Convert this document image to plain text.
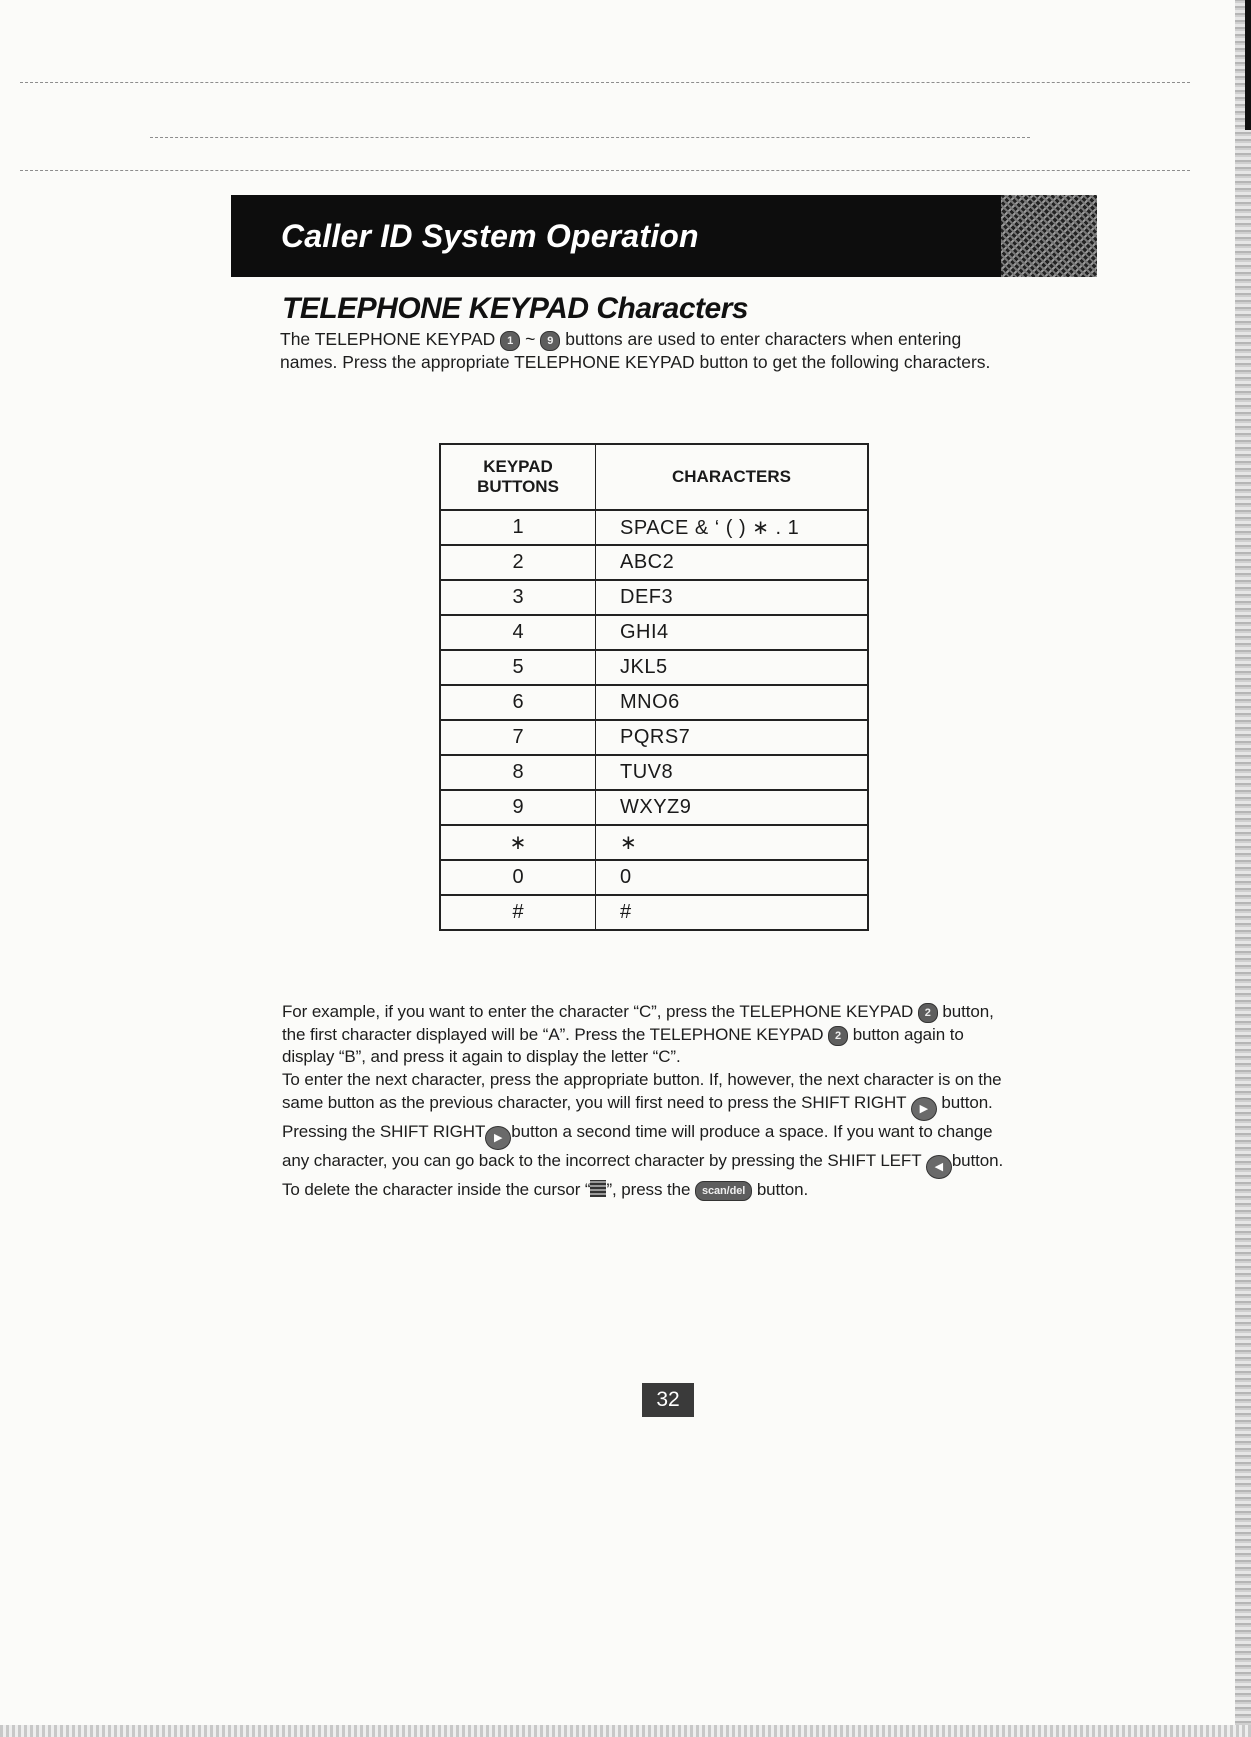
Caller ID System Operation
TELEPHONE KEYPAD Characters
The TELEPHONE KEYPAD 1 ~ 9 buttons are used to enter characters when entering names. Press the appropriate TELEPHONE KEYPAD button to get the following characters.
KEYPAD BUTTONS	CHARACTERS
1	SPACE & ‘ ( ) ∗ . 1
2	ABC2
3	DEF3
4	GHI4
5	JKL5
6	MNO6
7	PQRS7
8	TUV8
9	WXYZ9
∗	∗
0	0
#	#
For example, if you want to enter the character “C”, press the TELEPHONE KEYPAD 2 button, the first character displayed will be “A”. Press the TELEPHONE KEYPAD 2 button again to display “B”, and press it again to display the letter “C”.
To enter the next character, press the appropriate button. If, however, the next character is on the same button as the previous character, you will first need to press the SHIFT RIGHT ▶ button. Pressing the SHIFT RIGHT ▶ button a second time will produce a space. If you want to change any character, you can go back to the incorrect character by pressing the SHIFT LEFT ◀ button. To delete the character inside the cursor “ ”, press the scan/del button.
32
